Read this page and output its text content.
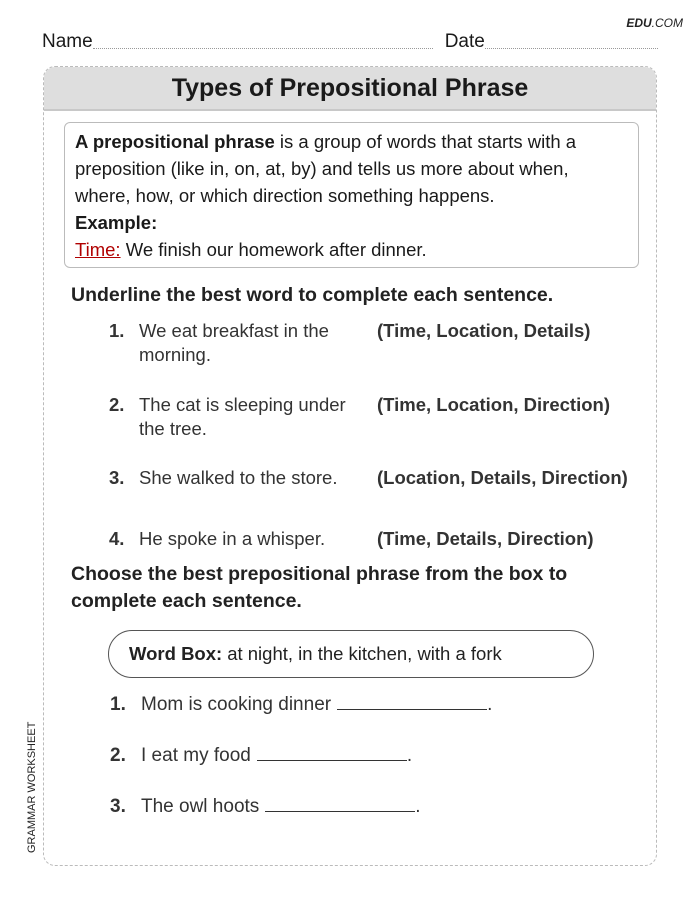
EDU.COM
Name	Date
Types of Prepositional Phrase
A prepositional phrase is a group of words that starts with a preposition (like in, on, at, by) and tells us more about when, where, how, or which direction something happens.
Example:
Time: We finish our homework after dinner.
Underline the best word to complete each sentence.
1. We eat breakfast in the morning.
(Time, Location, Details)
2. The cat is sleeping under the tree.
(Time, Location, Direction)
3. She walked to the store.	(Location, Details, Direction)
4. He spoke in a whisper.	(Time, Details, Direction)
Choose the best prepositional phrase from the box to complete each sentence.
Word Box: at night, in the kitchen, with a fork
1. Mom is cooking dinner	.
2. I eat my food	.
3. The owl hoots	.
GRAMMAR WORKSHEET
